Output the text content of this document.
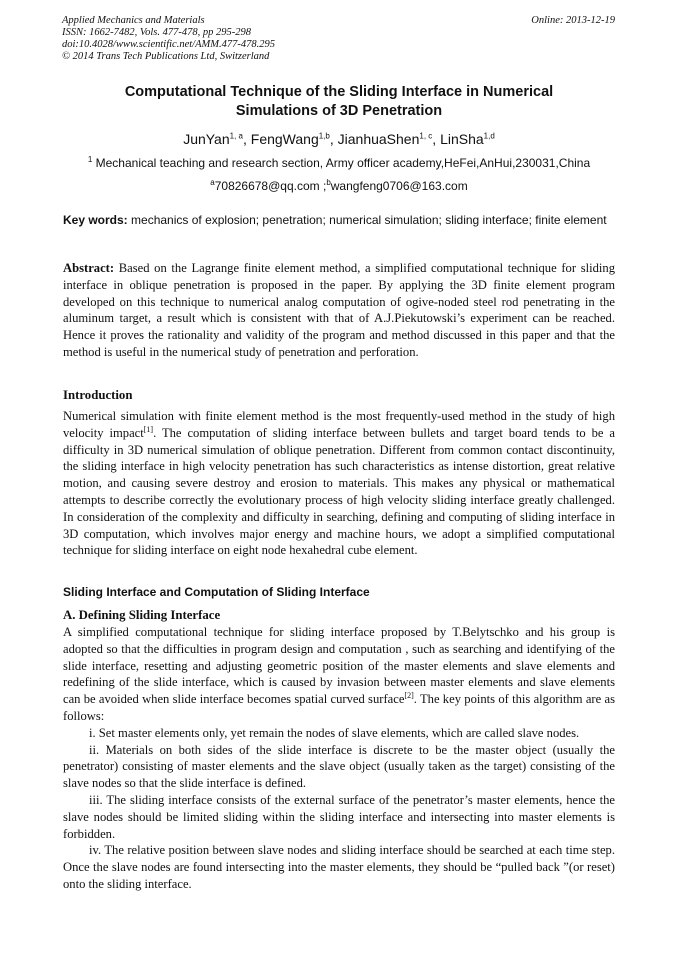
Applied Mechanics and Materials
ISSN: 1662-7482, Vols. 477-478, pp 295-298
doi:10.4028/www.scientific.net/AMM.477-478.295
© 2014 Trans Tech Publications Ltd, Switzerland
Online: 2013-12-19
Computational Technique of the Sliding Interface in Numerical
Simulations of 3D Penetration
JunYan$^{1, a}$, FengWang$^{1,b}$, JianhuaShen$^{1, c}$, LinSha$^{1,d}$
$^1$ Mechanical teaching and research section, Army officer academy,HeFei,AnHui,230031,China
$^a$70826678@qq.com ;$^b$wangfeng0706@163.com
Key words: mechanics of explosion; penetration; numerical simulation; sliding interface; finite element

Abstract: Based on the Lagrange finite element method, a simplified computational technique for sliding interface in oblique penetration is proposed in the paper. By applying the 3D finite element program developed on this technique to numerical analog computation of ogive-noded steel rod penetrating in the aluminum target, a result which is consistent with that of A.J.Piekutowski’s experiment can be reached. Hence it proves the rationality and validity of the program and method discussed in this paper and that the method is useful in the numerical study of penetration and perforation.

Introduction

Numerical simulation with finite element method is the most frequently-used method in the study of high velocity impact[1]. The computation of sliding interface between bullets and target board tends to be a difficulty in 3D numerical simulation of oblique penetration. Different from common contact discontinuity, the sliding interface in high velocity penetration has such characteristics as intense distortion, great relative motion, and causing severe destroy and erosion to materials. This makes any physical or mathematical attempts to describe correctly the evolutionary process of high velocity sliding interface greatly challenged. In consideration of the complexity and difficulty in searching, defining and computing of sliding interface in 3D computation, which involves major energy and machine hours, we adopt a simplified computational technique for sliding interface on eight node hexahedral cube element.

Sliding Interface and Computation of Sliding Interface
A. Defining Sliding Interface

A simplified computational technique for sliding interface proposed by T.Belytschko and his group is adopted so that the difficulties in program design and computation , such as searching and identifying of the slide interface, resetting and adjusting geometric position of the master elements and slave elements and redefining of the slide interface, which is caused by invasion between master elements and slave elements can be avoided when slide interface becomes spatial curved surface[2]. The key points of this algorithm are as follows:

i. Set master elements only, yet remain the nodes of slave elements, which are called slave nodes.

ii. Materials on both sides of the slide interface is discrete to be the master object (usually the penetrator) consisting of master elements and the slave object (usually taken as the target) consisting of the slave nodes so that the slide interface is defined.

iii. The sliding interface consists of the external surface of the penetrator’s master elements, hence the slave nodes should be limited sliding within the sliding interface and intersecting into master elements is forbidden.

iv. The relative position between slave nodes and sliding interface should be searched at each time step. Once the slave nodes are found intersecting into the master elements, they should be “pulled back ”(or reset) onto the sliding interface.
